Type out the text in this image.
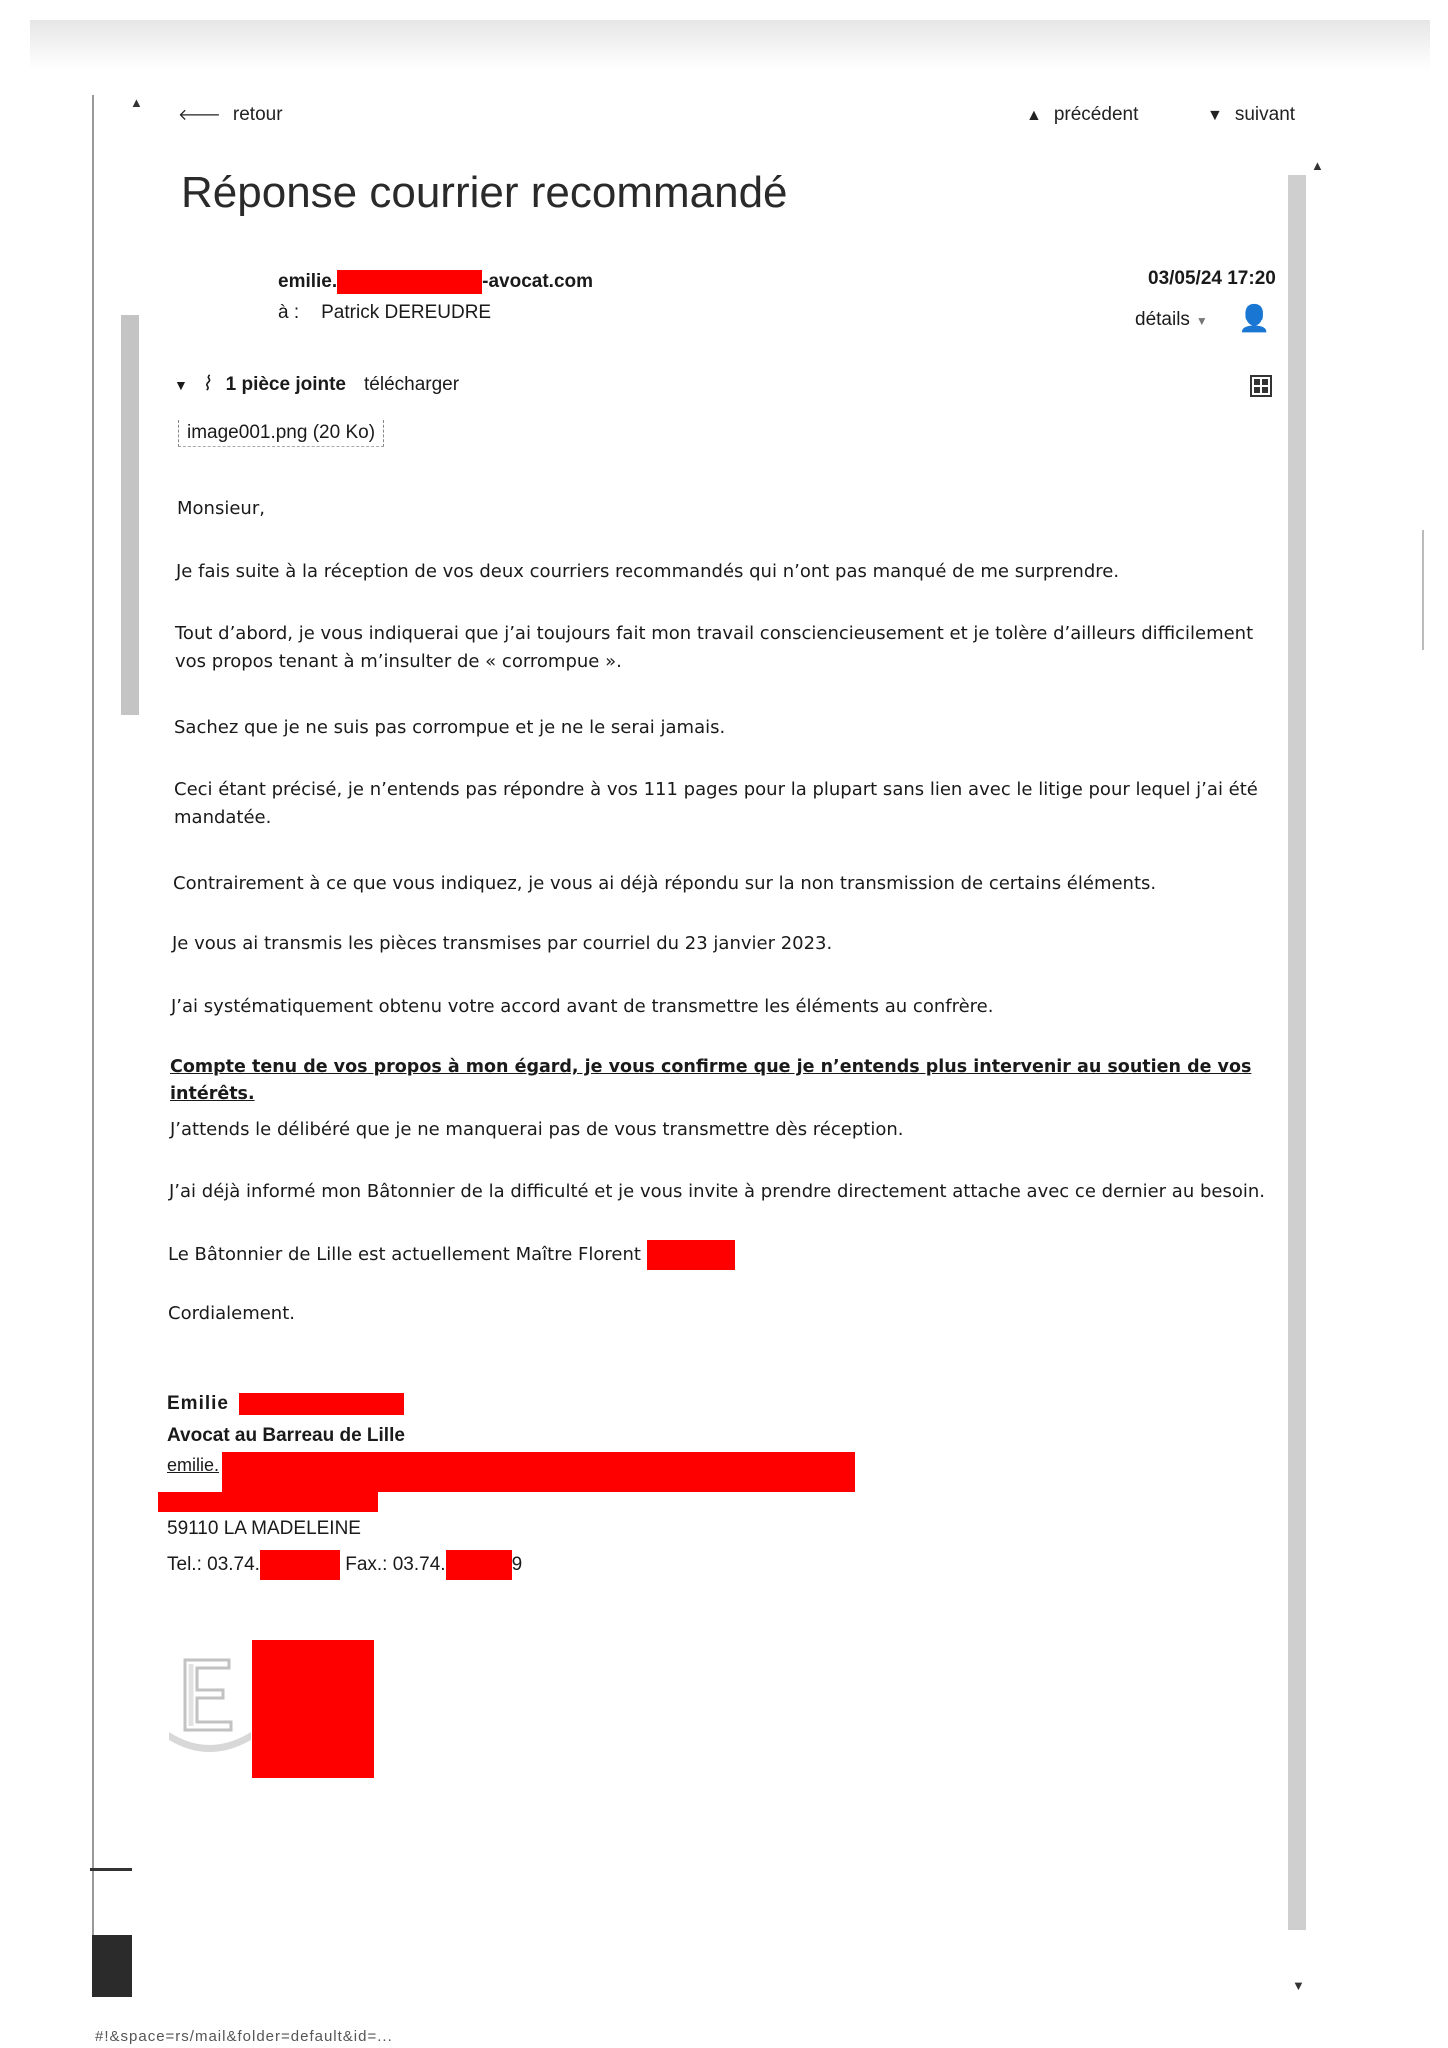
▲
▲
▼
🡐 retour	▲ précédent	▼ suivant
Réponse courrier recommandé
emilie.	-avocat.com
à : Patrick DEREUDRE
03/05/24 17:20
détails ▼ 👤
▼ ⌇ 1 pièce jointe télécharger
image001.png (20 Ko)
Monsieur,
Je fais suite à la réception de vos deux courriers recommandés qui n’ont pas manqué de me surprendre.
Tout d’abord, je vous indiquerai que j’ai toujours fait mon travail consciencieusement et je tolère d’ailleurs difficilement vos propos tenant à m’insulter de « corrompue ».
Sachez que je ne suis pas corrompue et je ne le serai jamais.
Ceci étant précisé, je n’entends pas répondre à vos 111 pages pour la plupart sans lien avec le litige pour lequel j’ai été mandatée.
Contrairement à ce que vous indiquez, je vous ai déjà répondu sur la non transmission de certains éléments.
Je vous ai transmis les pièces transmises par courriel du 23 janvier 2023.
J’ai systématiquement obtenu votre accord avant de transmettre les éléments au confrère.
Compte tenu de vos propos à mon égard, je vous confirme que je n’entends plus intervenir au soutien de vos intérêts.
J’attends le délibéré que je ne manquerai pas de vous transmettre dès réception.
J’ai déjà informé mon Bâtonnier de la difficulté et je vous invite à prendre directement attache avec ce dernier au besoin.
Le Bâtonnier de Lille est actuellement Maître Florent
Cordialement.
Emilie
Avocat au Barreau de Lille
emilie.
59110 LA MADELEINE
Tel.: 03.74.	Fax.: 03.74.	9
#!&space=rs/mail&folder=default&id=...
